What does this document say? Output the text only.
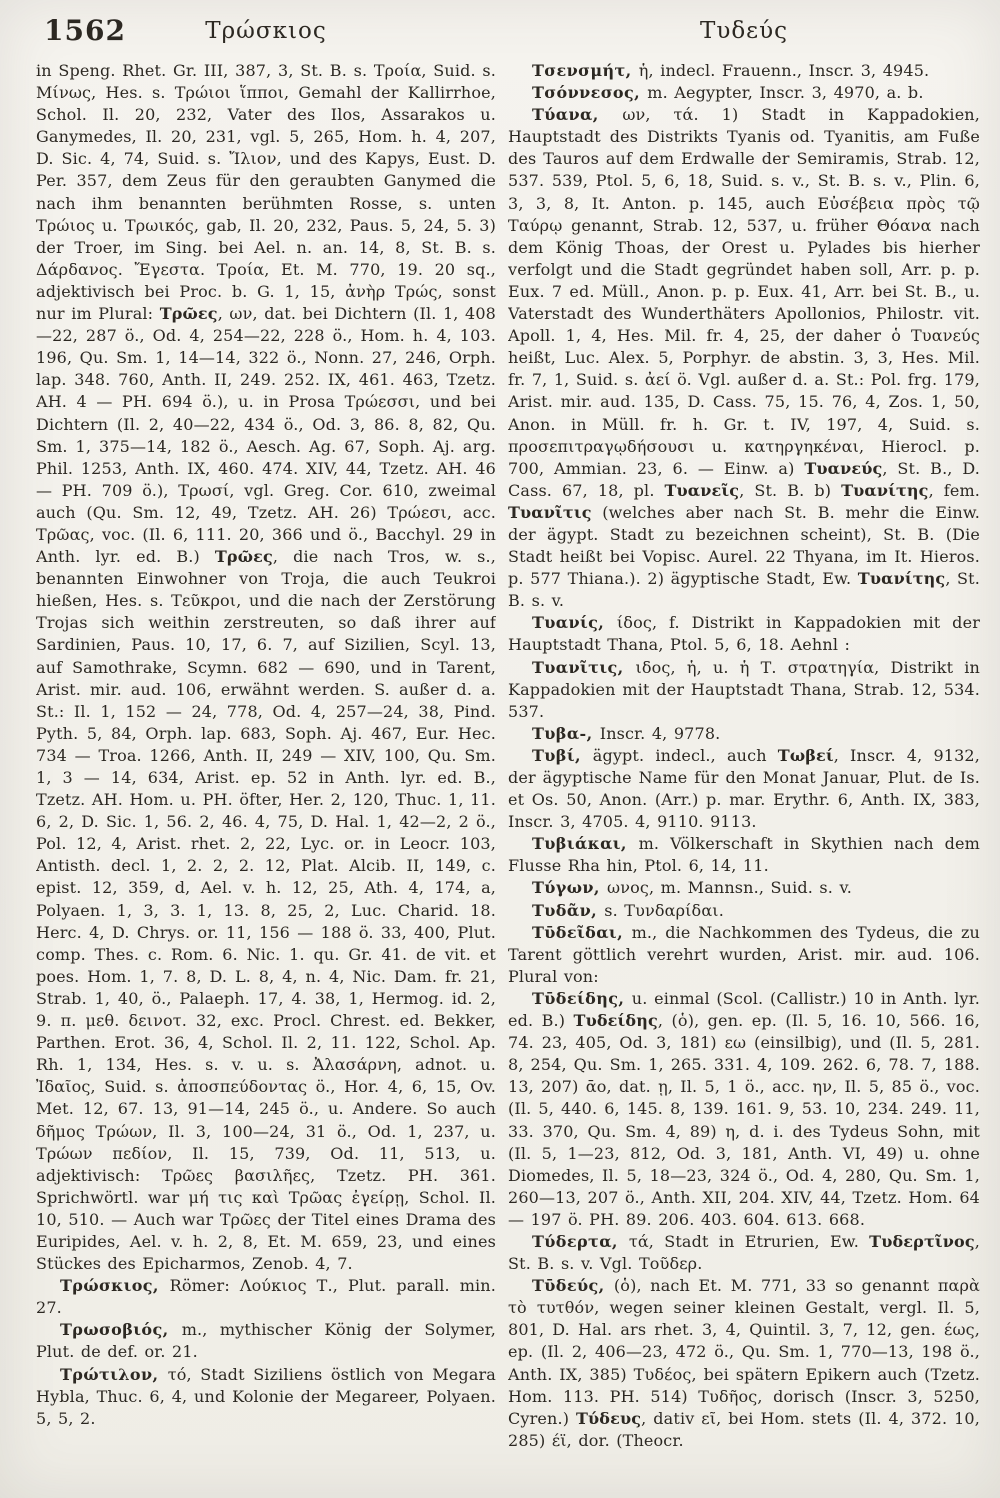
1562	Τρώσκιος	Τυδεύς

in Speng. Rhet. Gr. III, 387, 3, St. B. s. Τροία, Suid. s. Μίνως, Hes. s. Τρώιοι ἵπποι, Gemahl der Kallirrhoe, Schol. Il. 20, 232, Vater des Ilos, Assarakos u. Ganymedes, Il. 20, 231, vgl. 5, 265, Hom. h. 4, 207, D. Sic. 4, 74, Suid. s. Ἴλιον, und des Kapys, Eust. D. Per. 357, dem Zeus für den geraubten Ganymed die nach ihm benannten berühmten Rosse, s. unten Τρώιος u. Τρωικός, gab, Il. 20, 232, Paus. 5, 24, 5. 3) der Troer, im Sing. bei Ael. n. an. 14, 8, St. B. s. Δάρδανος. Ἔγεστα. Τροία, Et. M. 770, 19. 20 sq., adjektivisch bei Proc. b. G. 1, 15, ἀνὴρ Τρώς, sonst nur im Plural: Τρῶες, ων, dat. bei Dichtern (Il. 1, 408—22, 287 ö., Od. 4, 254—22, 228 ö., Hom. h. 4, 103. 196, Qu. Sm. 1, 14—14, 322 ö., Nonn. 27, 246, Orph. lap. 348. 760, Anth. II, 249. 252. IX, 461. 463, Tzetz. AH. 4 — PH. 694 ö.), u. in Prosa Τρώεσσι, und bei Dichtern (Il. 2, 40—22, 434 ö., Od. 3, 86. 8, 82, Qu. Sm. 1, 375—14, 182 ö., Aesch. Ag. 67, Soph. Aj. arg. Phil. 1253, Anth. IX, 460. 474. XIV, 44, Tzetz. AH. 46 — PH. 709 ö.), Τρωσί, vgl. Greg. Cor. 610, zweimal auch (Qu. Sm. 12, 49, Tzetz. AH. 26) Τρώεσι, acc. Τρῶας, voc. (Il. 6, 111. 20, 366 und ö., Bacchyl. 29 in Anth. lyr. ed. B.) Τρῶες, die nach Tros, w. s., benannten Einwohner von Troja, die auch Teukroi hießen, Hes. s. Τεῦκροι, und die nach der Zerstörung Trojas sich weithin zerstreuten, so daß ihrer auf Sardinien, Paus. 10, 17, 6. 7, auf Sizilien, Scyl. 13, auf Samothrake, Scymn. 682 — 690, und in Tarent, Arist. mir. aud. 106, erwähnt werden. S. außer d. a. St.: Il. 1, 152 — 24, 778, Od. 4, 257—24, 38, Pind. Pyth. 5, 84, Orph. lap. 683, Soph. Aj. 467, Eur. Hec. 734 — Troa. 1266, Anth. II, 249 — XIV, 100, Qu. Sm. 1, 3 — 14, 634, Arist. ep. 52 in Anth. lyr. ed. B., Tzetz. AH. Hom. u. PH. öfter, Her. 2, 120, Thuc. 1, 11. 6, 2, D. Sic. 1, 56. 2, 46. 4, 75, D. Hal. 1, 42—2, 2 ö., Pol. 12, 4, Arist. rhet. 2, 22, Lyc. or. in Leocr. 103, Antisth. decl. 1, 2. 2, 2. 12, Plat. Alcib. II, 149, c. epist. 12, 359, d, Ael. v. h. 12, 25, Ath. 4, 174, a, Polyaen. 1, 3, 3. 1, 13. 8, 25, 2, Luc. Charid. 18. Herc. 4, D. Chrys. or. 11, 156 — 188 ö. 33, 400, Plut. comp. Thes. c. Rom. 6. Nic. 1. qu. Gr. 41. de vit. et poes. Hom. 1, 7. 8, D. L. 8, 4, n. 4, Nic. Dam. fr. 21, Strab. 1, 40, ö., Palaeph. 17, 4. 38, 1, Hermog. id. 2, 9. π. μεθ. δεινοτ. 32, exc. Procl. Chrest. ed. Bekker, Parthen. Erot. 36, 4, Schol. Il. 2, 11. 122, Schol. Ap. Rh. 1, 134, Hes. s. v. u. s. Ἀλασάρνη, adnot. u. Ἰδαῖος, Suid. s. ἀποσπεύδοντας ö., Hor. 4, 6, 15, Ov. Met. 12, 67. 13, 91—14, 245 ö., u. Andere. So auch δῆμος Τρώων, Il. 3, 100—24, 31 ö., Od. 1, 237, u. Τρώων πεδίον, Il. 15, 739, Od. 11, 513, u. adjektivisch: Τρῶες βασιλῆες, Tzetz. PH. 361. Sprichwörtl. war μή τις καὶ Τρῶας ἐγείρῃ, Schol. Il. 10, 510. — Auch war Τρῶες der Titel eines Drama des Euripides, Ael. v. h. 2, 8, Et. M. 659, 23, und eines Stückes des Epicharmos, Zenob. 4, 7.

Τρώσκιος, Römer: Λούκιος Τ., Plut. parall. min. 27.

Τρωσοβιός, m., mythischer König der Solymer, Plut. de def. or. 21.

Τρώτιλον, τό, Stadt Siziliens östlich von Megara Hybla, Thuc. 6, 4, und Kolonie der Megareer, Polyaen. 5, 5, 2.

Τσενσμήτ, ἡ, indecl. Frauenn., Inscr. 3, 4945.

Τσόννεσος, m. Aegypter, Inscr. 3, 4970, a. b.

Τύανα, ων, τά. 1) Stadt in Kappadokien, Hauptstadt des Distrikts Tyanis od. Tyanitis, am Fuße des Tauros auf dem Erdwalle der Semiramis, Strab. 12, 537. 539, Ptol. 5, 6, 18, Suid. s. v., St. B. s. v., Plin. 6, 3, 3, 8, It. Anton. p. 145, auch Εὐσέβεια πρὸς τῷ Ταύρῳ genannt, Strab. 12, 537, u. früher Θόανα nach dem König Thoas, der Orest u. Pylades bis hierher verfolgt und die Stadt gegründet haben soll, Arr. p. p. Eux. 7 ed. Müll., Anon. p. p. Eux. 41, Arr. bei St. B., u. Vaterstadt des Wunderthäters Apollonios, Philostr. vit. Apoll. 1, 4, Hes. Mil. fr. 4, 25, der daher ὁ Τυανεύς heißt, Luc. Alex. 5, Porphyr. de abstin. 3, 3, Hes. Mil. fr. 7, 1, Suid. s. ἀεί ö. Vgl. außer d. a. St.: Pol. frg. 179, Arist. mir. aud. 135, D. Cass. 75, 15. 76, 4, Zos. 1, 50, Anon. in Müll. fr. h. Gr. t. IV, 197, 4, Suid. s. προσεπιτραγῳδήσουσι u. κατηργηκέναι, Hierocl. p. 700, Ammian. 23, 6. — Einw. a) Τυανεύς, St. B., D. Cass. 67, 18, pl. Τυανεῖς, St. B. b) Τυανίτης, fem. Τυανῖτις (welches aber nach St. B. mehr die Einw. der ägypt. Stadt zu bezeichnen scheint), St. B. (Die Stadt heißt bei Vopisc. Aurel. 22 Thyana, im It. Hieros. p. 577 Thiana.). 2) ägyptische Stadt, Ew. Τυανίτης, St. B. s. v.

Τυανίς, ίδος, f. Distrikt in Kappadokien mit der Hauptstadt Thana, Ptol. 5, 6, 18. Aehnl :

Τυανῖτις, ιδος, ἡ, u. ἡ Τ. στρατηγία, Distrikt in Kappadokien mit der Hauptstadt Thana, Strab. 12, 534. 537.

Τυβα-, Inscr. 4, 9778.

Τυβί, ägypt. indecl., auch Τωβεί, Inscr. 4, 9132, der ägyptische Name für den Monat Januar, Plut. de Is. et Os. 50, Anon. (Arr.) p. mar. Erythr. 6, Anth. IX, 383, Inscr. 3, 4705. 4, 9110. 9113.

Τυβιάκαι, m. Völkerschaft in Skythien nach dem Flusse Rha hin, Ptol. 6, 14, 11.

Τύγων, ωνος, m. Mannsn., Suid. s. v.

Τυδᾶν, s. Τυνδαρίδαι.

Τῡδεῖδαι, m., die Nachkommen des Tydeus, die zu Tarent göttlich verehrt wurden, Arist. mir. aud. 106. Plural von:

Τῡδείδης, u. einmal (Scol. (Callistr.) 10 in Anth. lyr. ed. B.) Τυδείδης, (ὁ), gen. ep. (Il. 5, 16. 10, 566. 16, 74. 23, 405, Od. 3, 181) εω (einsilbig), und (Il. 5, 281. 8, 254, Qu. Sm. 1, 265. 331. 4, 109. 262. 6, 78. 7, 188. 13, 207) ᾱο, dat. ῃ, Il. 5, 1 ö., acc. ην, Il. 5, 85 ö., voc. (Il. 5, 440. 6, 145. 8, 139. 161. 9, 53. 10, 234. 249. 11, 33. 370, Qu. Sm. 4, 89) η, d. i. des Tydeus Sohn, mit (Il. 5, 1—23, 812, Od. 3, 181, Anth. VI, 49) u. ohne Diomedes, Il. 5, 18—23, 324 ö., Od. 4, 280, Qu. Sm. 1, 260—13, 207 ö., Anth. XII, 204. XIV, 44, Tzetz. Hom. 64 — 197 ö. PH. 89. 206. 403. 604. 613. 668.

Τύδερτα, τά, Stadt in Etrurien, Ew. Τυδερτῖνος, St. B. s. v. Vgl. Τοῦδερ.

Τῡδεύς, (ὁ), nach Et. M. 771, 33 so genannt παρὰ τὸ τυτθόν, wegen seiner kleinen Gestalt, vergl. Il. 5, 801, D. Hal. ars rhet. 3, 4, Quintil. 3, 7, 12, gen. έως, ep. (Il. 2, 406—23, 472 ö., Qu. Sm. 1, 770—13, 198 ö., Anth. IX, 385) Τυδέος, bei spätern Epikern auch (Tzetz. Hom. 113. PH. 514) Τυδῆος, dorisch (Inscr. 3, 5250, Cyren.) Τύδευς, dativ εῖ, bei Hom. stets (Il. 4, 372. 10, 285) έϊ, dor. (Theocr.
